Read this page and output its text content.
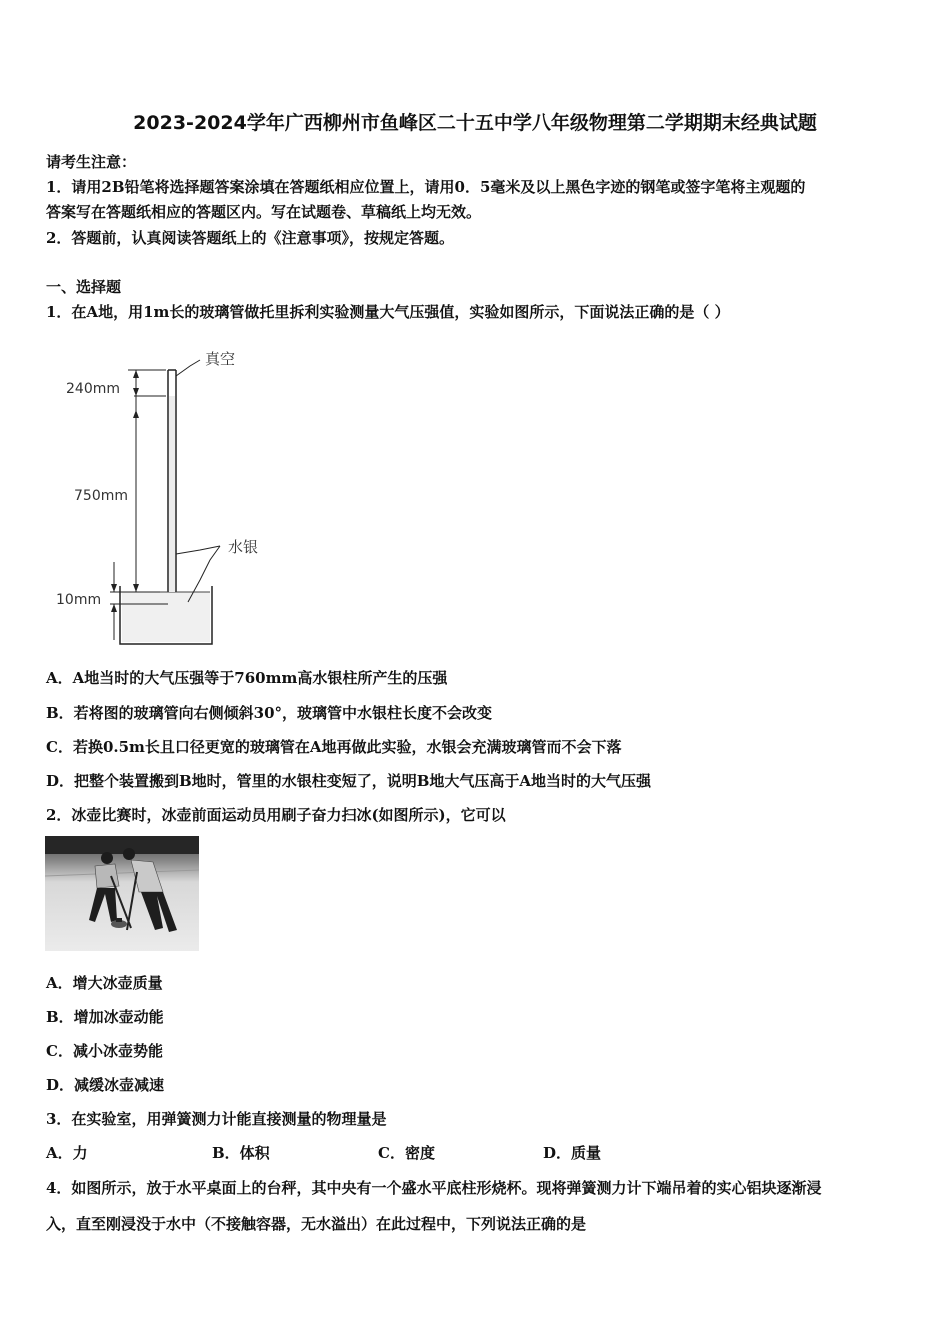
2023-2024学年广西柳州市鱼峰区二十五中学八年级物理第二学期期末经典试题
请考生注意：
1．请用2B铅笔将选择题答案涂填在答题纸相应位置上，请用0．5毫米及以上黑色字迹的钢笔或签字笔将主观题的
答案写在答题纸相应的答题区内。写在试题卷、草稿纸上均无效。
2．答题前，认真阅读答题纸上的《注意事项》，按规定答题。
一、选择题
1．在A地，用1m长的玻璃管做托里拆利实验测量大气压强值，实验如图所示，下面说法正确的是（ ）
真空
水银
240mm
750mm
10mm
A．A地当时的大气压强等于760mm高水银柱所产生的压强
B．若将图的玻璃管向右侧倾斜30°，玻璃管中水银柱长度不会改变
C．若换0.5m长且口径更宽的玻璃管在A地再做此实验，水银会充满玻璃管而不会下落
D．把整个装置搬到B地时，管里的水银柱变短了，说明B地大气压高于A地当时的大气压强
2．冰壶比赛时，冰壶前面运动员用刷子奋力扫冰(如图所示)，它可以
A．增大冰壶质量
B．增加冰壶动能
C．减小冰壶势能
D．减缓冰壶减速
3．在实验室，用弹簧测力计能直接测量的物理量是
A．力	B．体积	C．密度	D．质量
4．如图所示，放于水平桌面上的台秤，其中央有一个盛水平底柱形烧杯。现将弹簧测力计下端吊着的实心铝块逐渐浸
入，直至刚浸没于水中（不接触容器，无水溢出）在此过程中，下列说法正确的是
